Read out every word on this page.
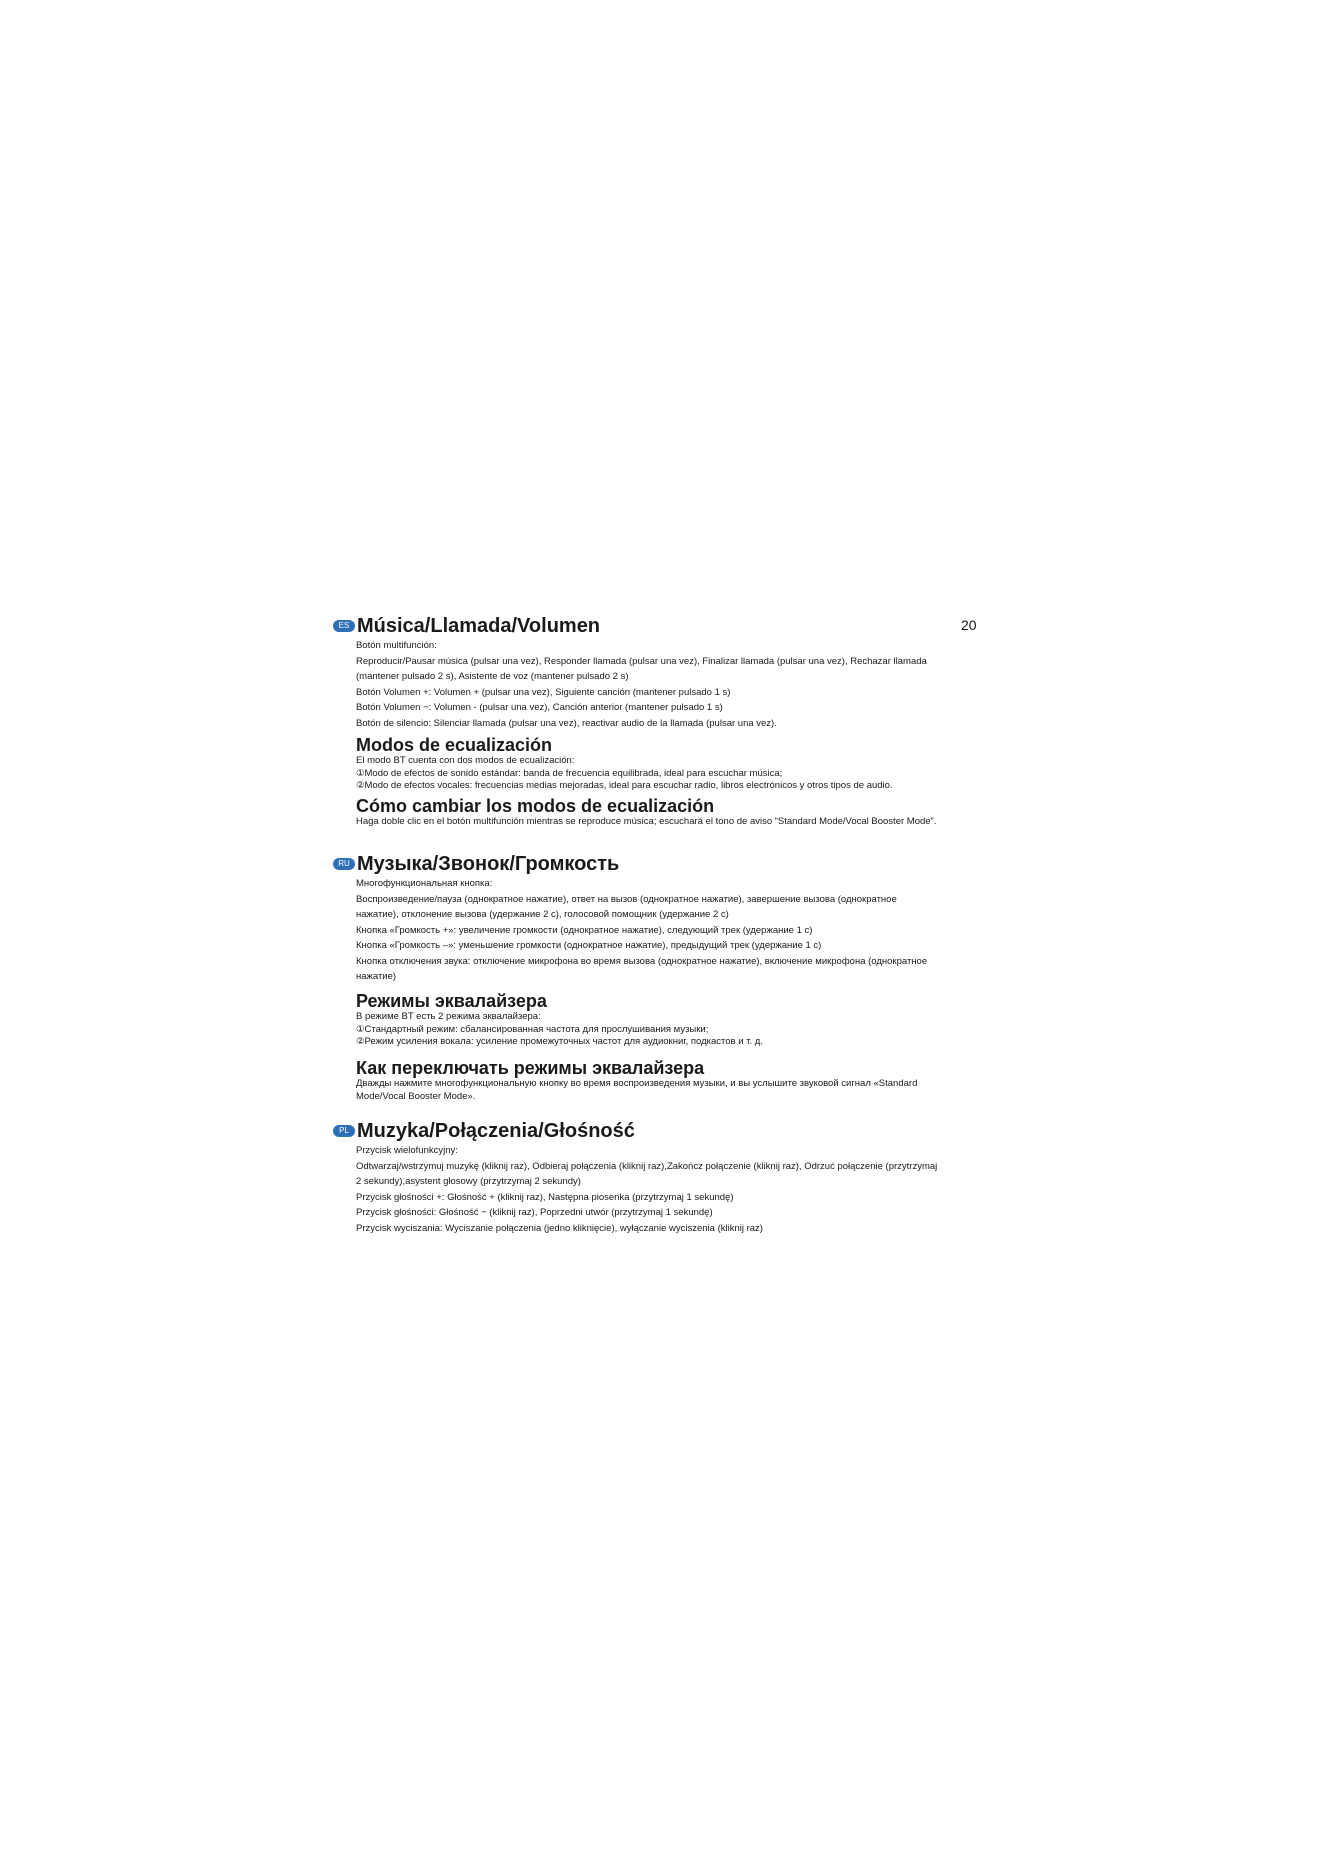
20
ES Música/Llamada/Volumen
Botón multifunción:
Reproducir/Pausar música (pulsar una vez), Responder llamada (pulsar una vez), Finalizar llamada (pulsar una vez), Rechazar llamada
(mantener pulsado 2 s), Asistente de voz (mantener pulsado 2 s)
Botón Volumen +: Volumen + (pulsar una vez), Siguiente canción (mantener pulsado 1 s)
Botón Volumen −: Volumen - (pulsar una vez), Canción anterior (mantener pulsado 1 s)
Botón de silencio: Silenciar llamada (pulsar una vez), reactivar audio de la llamada (pulsar una vez).
Modos de ecualización
El modo BT cuenta con dos modos de ecualización:
①Modo de efectos de sonido estándar: banda de frecuencia equilibrada, ideal para escuchar música;
②Modo de efectos vocales: frecuencias medias mejoradas, ideal para escuchar radio, libros electrónicos y otros tipos de audio.
Cómo cambiar los modos de ecualización
Haga doble clic en el botón multifunción mientras se reproduce música; escuchará el tono de aviso “Standard Mode/Vocal Booster Mode”.
RU Музыка/Звонок/Громкость
Многофункциональная кнопка:
Воспроизведение/пауза (однократное нажатие), ответ на вызов (однократное нажатие), завершение вызова (однократное
нажатие), отклонение вызова (удержание 2 с), голосовой помощник (удержание 2 с)
Кнопка «Громкость +»: увеличение громкости (однократное нажатие), следующий трек (удержание 1 с)
Кнопка «Громкость –»: уменьшение громкости (однократное нажатие), предыдущий трек (удержание 1 с)
Кнопка отключения звука: отключение микрофона во время вызова (однократное нажатие), включение микрофона (однократное
нажатие)
Режимы эквалайзера
В режиме BT есть 2 режима эквалайзера:
①Стандартный режим: сбалансированная частота для прослушивания музыки;
②Режим усиления вокала: усиление промежуточных частот для аудиокниг, подкастов и т. д.
Как переключать режимы эквалайзера
Дважды нажмите многофункциональную кнопку во время воспроизведения музыки, и вы услышите звуковой сигнал «Standard
Mode/Vocal Booster Mode».
PL Muzyka/Połączenia/Głośność
Przycisk wielofunkcyjny:
Odtwarzaj/wstrzymuj muzykę (kliknij raz), Odbieraj połączenia (kliknij raz),Zakończ połączenie (kliknij raz), Odrzuć połączenie (przytrzymaj
2 sekundy),asystent głosowy (przytrzymaj 2 sekundy)
Przycisk głośności +: Głośność + (kliknij raz), Następna piosenka (przytrzymaj 1 sekundę)
Przycisk głośności: Głośność − (kliknij raz), Poprzedni utwór (przytrzymaj 1 sekundę)
Przycisk wyciszania: Wyciszanie połączenia (jedno kliknięcie), wyłączanie wyciszenia (kliknij raz)
